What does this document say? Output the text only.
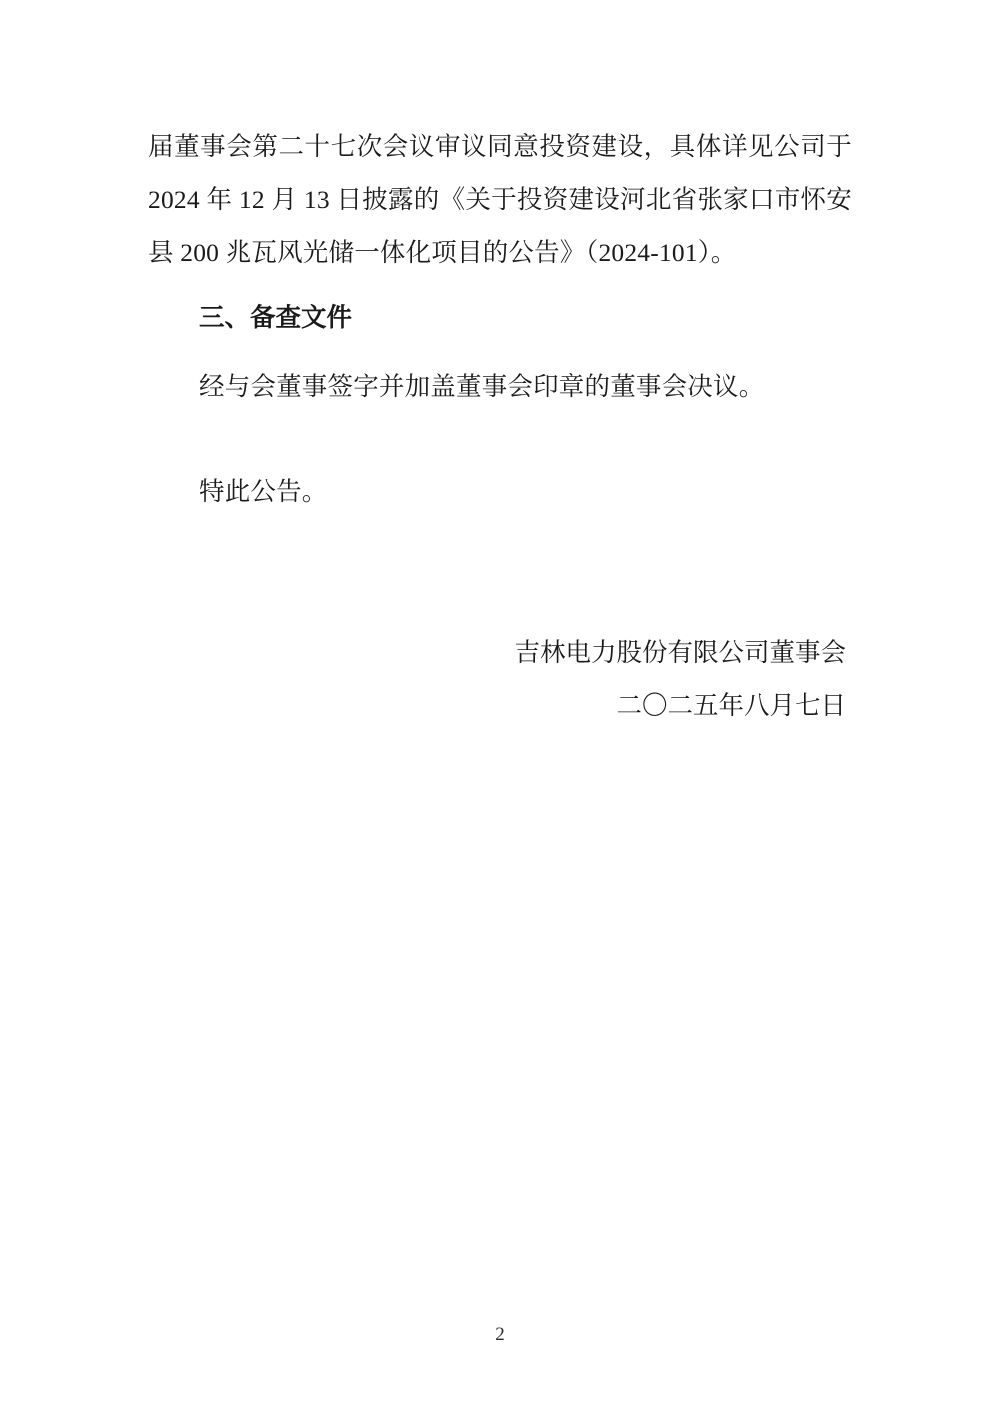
届董事会第二十七次会议审议同意投资建设，具体详见公司于 2024 年 12 月 13 日披露的《关于投资建设河北省张家口市怀安县 200 兆瓦风光储一体化项目的公告》（2024-101）。

三、备查文件

经与会董事签字并加盖董事会印章的董事会决议。

特此公告。

吉林电力股份有限公司董事会
二〇二五年八月七日
2
